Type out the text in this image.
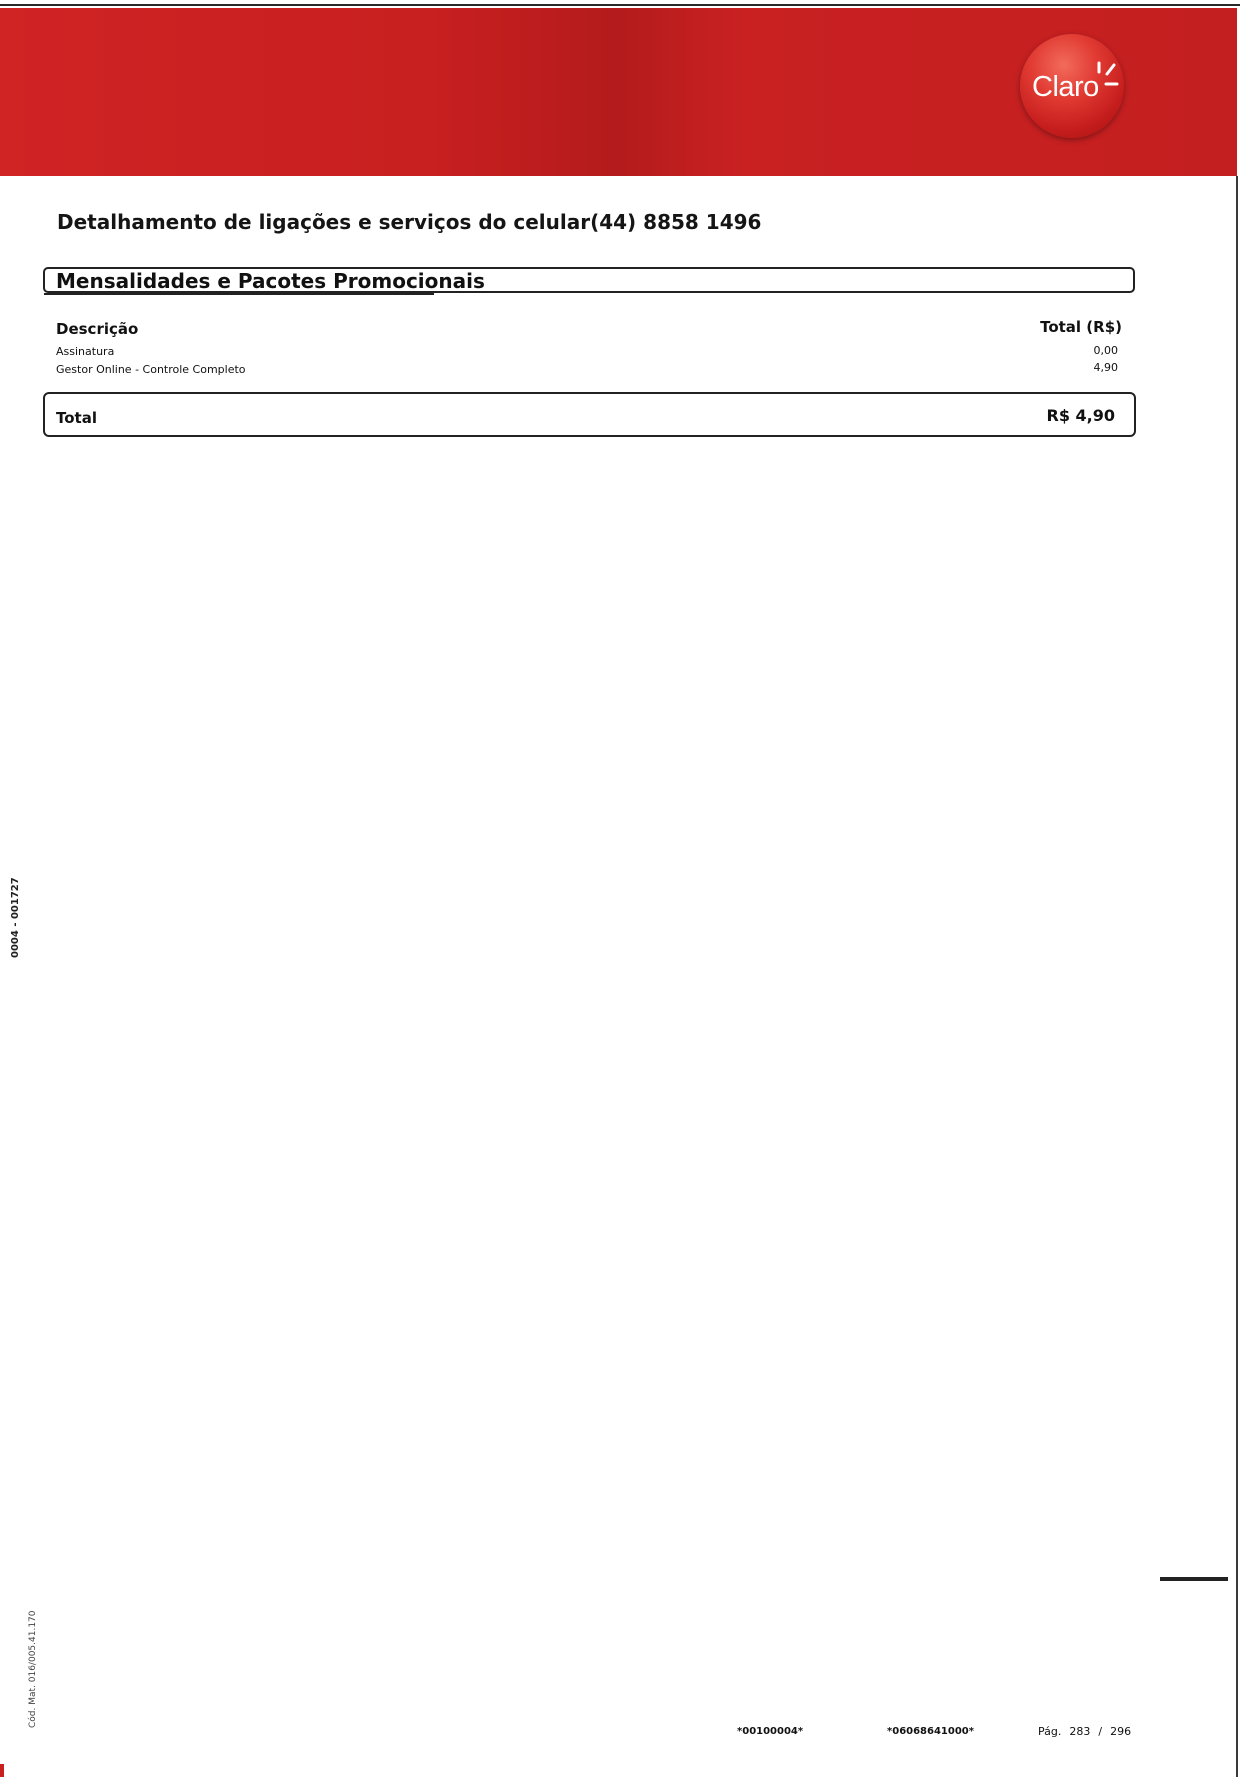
Claro
Detalhamento de ligações e serviços do celular(44) 8858 1496
Mensalidades e Pacotes Promocionais
Descrição	Total (R$)
Assinatura	0,00
Gestor Online - Controle Completo	4,90
Total	R$ 4,90
0004 - 001727
Cód. Mat. 016/005.41.170
*00100004*	*06068641000*	Pág. 283 / 296
